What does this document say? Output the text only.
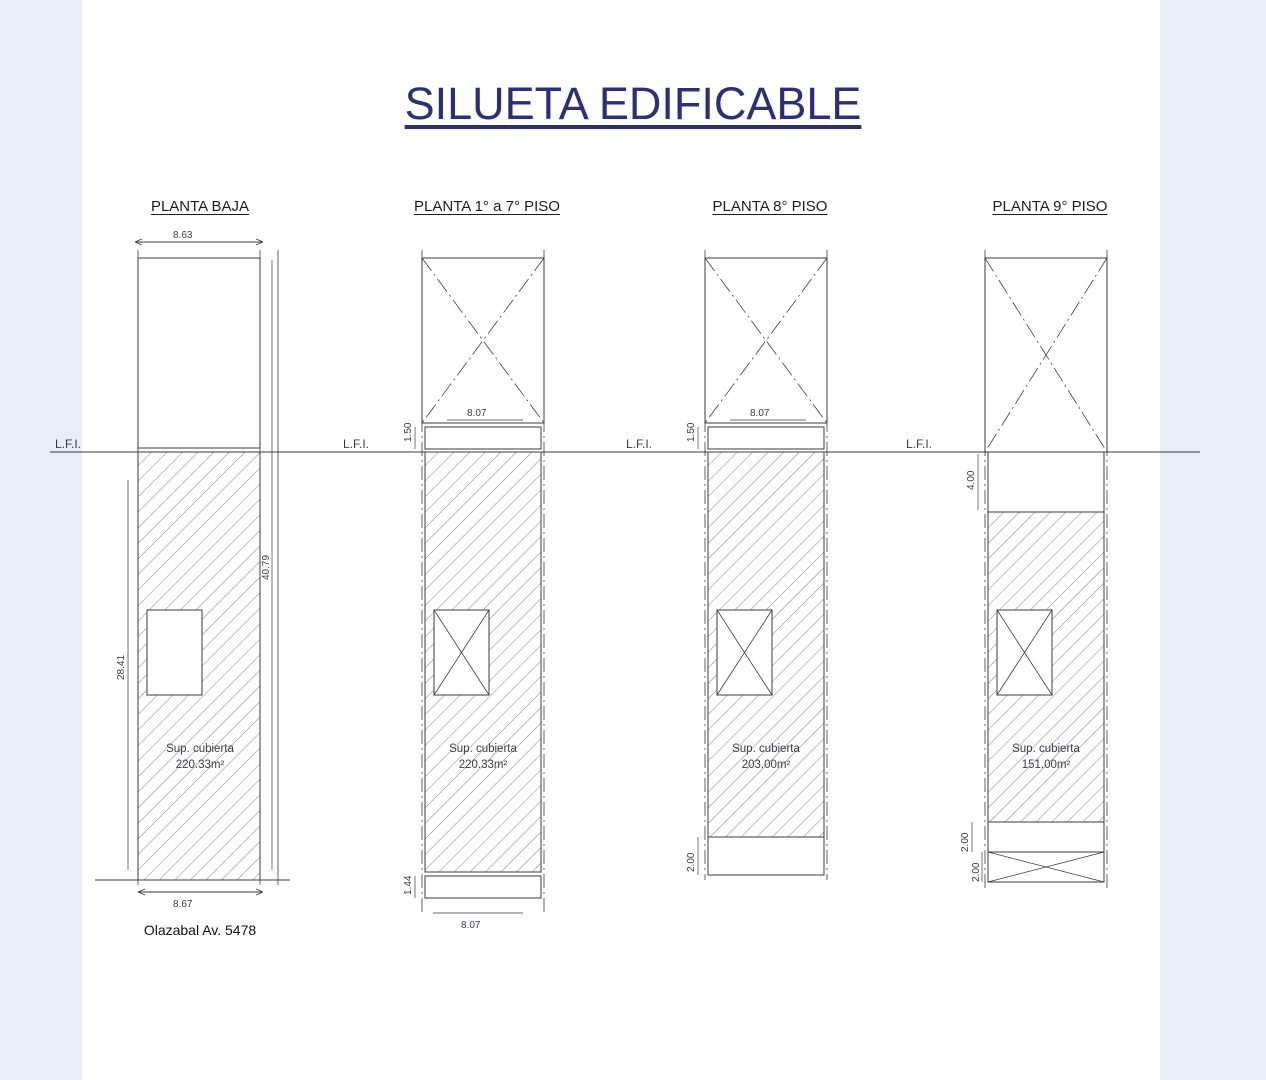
SILUETA EDIFICABLE
PLANTA BAJA
8.63
8.67
28.41
40.79
L.F.I.
Sup. cubierta
220.33m²
Olazabal Av. 5478
PLANTA 1° a 7° PISO
L.F.I.
1.50
1.44
8.07
8.07
Sup. cubierta
220.33m²
PLANTA 8° PISO
L.F.I.
1.50
2.00
8.07
Sup. cubierta
203.00m²
PLANTA 9° PISO
L.F.I.
4.00
2.00
2.00
Sup. cubierta
151.00m²
